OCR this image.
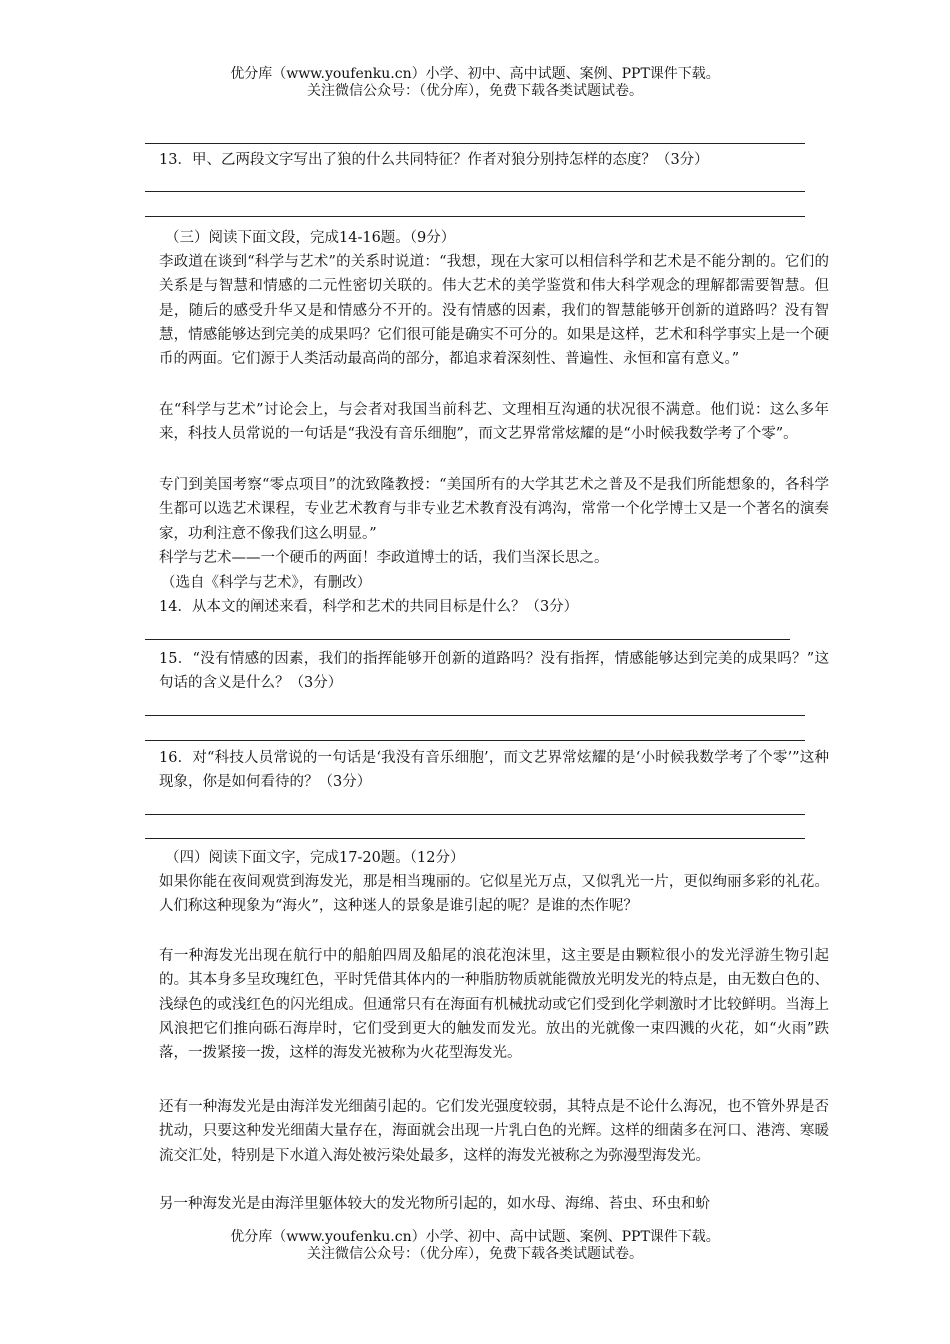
优分库（www.youfenku.cn）小学、初中、高中试题、案例、PPT课件下载。

关注微信公众号：（优分库），免费下载各类试题试卷。

13．甲、乙两段文字写出了狼的什么共同特征？作者对狼分别持怎样的态度？（3分）

（三）阅读下面文段，完成14-16题。（9分）

李政道在谈到“科学与艺术”的关系时说道：“我想，现在大家可以相信科学和艺术是不能分割的。它们的关系是与智慧和情感的二元性密切关联的。伟大艺术的美学鉴赏和伟大科学观念的理解都需要智慧。但是，随后的感受升华又是和情感分不开的。没有情感的因素，我们的智慧能够开创新的道路吗？没有智慧，情感能够达到完美的成果吗？它们很可能是确实不可分的。如果是这样，艺术和科学事实上是一个硬币的两面。它们源于人类活动最高尚的部分，都追求着深刻性、普遍性、永恒和富有意义。”

在“科学与艺术”讨论会上，与会者对我国当前科艺、文理相互沟通的状况很不满意。他们说：这么多年来，科技人员常说的一句话是“我没有音乐细胞”，而文艺界常常炫耀的是“小时候我数学考了个零”。

专门到美国考察“零点项目”的沈致隆教授：“美国所有的大学其艺术之普及不是我们所能想象的，各科学生都可以选艺术课程，专业艺术教育与非专业艺术教育没有鸿沟，常常一个化学博士又是一个著名的演奏家，功利注意不像我们这么明显。”

科学与艺术——一个硬币的两面！李政道博士的话，我们当深长思之。

（选自《科学与艺术》，有删改）

14．从本文的阐述来看，科学和艺术的共同目标是什么？（3分）

15．“没有情感的因素，我们的指挥能够开创新的道路吗？没有指挥，情感能够达到完美的成果吗？”这句话的含义是什么？（3分）

16．对“科技人员常说的一句话是‘我没有音乐细胞’，而文艺界常炫耀的是‘小时候我数学考了个零’”这种现象，你是如何看待的？（3分）

（四）阅读下面文字，完成17-20题。（12分）

如果你能在夜间观赏到海发光，那是相当瑰丽的。它似星光万点，又似乳光一片，更似绚丽多彩的礼花。人们称这种现象为“海火”，这种迷人的景象是谁引起的呢？是谁的杰作呢？

有一种海发光出现在航行中的船舶四周及船尾的浪花泡沫里，这主要是由颗粒很小的发光浮游生物引起的。其本身多呈玫瑰红色，平时凭借其体内的一种脂肪物质就能微放光明发光的特点是，由无数白色的、浅绿色的或浅红色的闪光组成。但通常只有在海面有机械扰动或它们受到化学刺激时才比较鲜明。当海上风浪把它们推向砾石海岸时，它们受到更大的触发而发光。放出的光就像一束四溅的火花，如“火雨”跌落，一拨紧接一拨，这样的海发光被称为火花型海发光。

还有一种海发光是由海洋发光细菌引起的。它们发光强度较弱，其特点是不论什么海况，也不管外界是否扰动，只要这种发光细菌大量存在，海面就会出现一片乳白色的光辉。这样的细菌多在河口、港湾、寒暖流交汇处，特别是下水道入海处被污染处最多，这样的海发光被称之为弥漫型海发光。

另一种海发光是由海洋里躯体较大的发光物所引起的，如水母、海绵、苔虫、环虫和蚧

优分库（www.youfenku.cn）小学、初中、高中试题、案例、PPT课件下载。

关注微信公众号：（优分库），免费下载各类试题试卷。
